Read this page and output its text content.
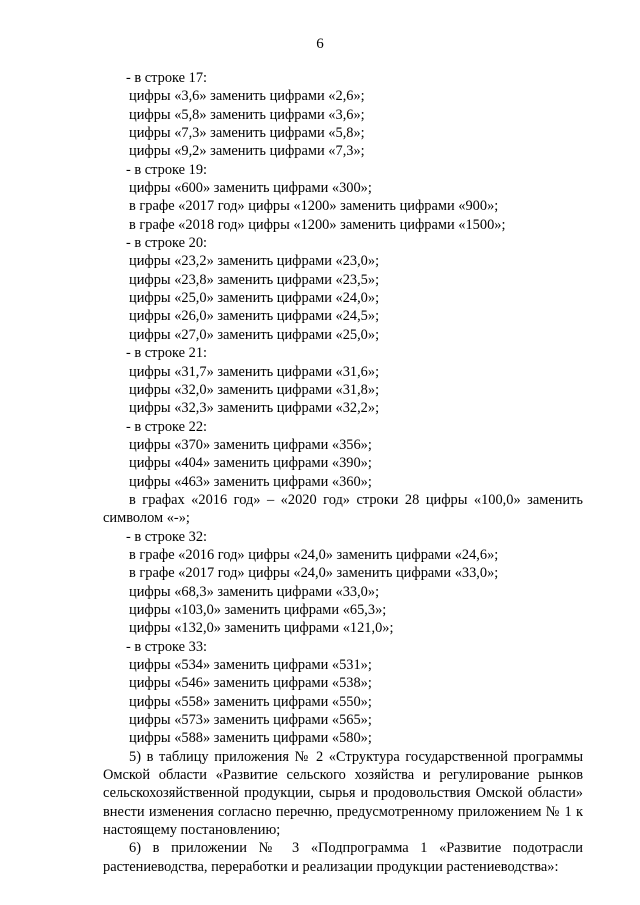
6
- в строке 17:
цифры «3,6» заменить цифрами «2,6»;
цифры «5,8» заменить цифрами «3,6»;
цифры «7,3» заменить цифрами «5,8»;
цифры «9,2» заменить цифрами «7,3»;
- в строке 19:
цифры «600» заменить цифрами «300»;
в графе «2017 год» цифры «1200» заменить цифрами «900»;
в графе «2018 год» цифры «1200» заменить цифрами «1500»;
- в строке 20:
цифры «23,2» заменить цифрами «23,0»;
цифры «23,8» заменить цифрами «23,5»;
цифры «25,0» заменить цифрами «24,0»;
цифры «26,0» заменить цифрами «24,5»;
цифры «27,0» заменить цифрами «25,0»;
- в строке 21:
цифры «31,7» заменить цифрами «31,6»;
цифры «32,0» заменить цифрами «31,8»;
цифры «32,3» заменить цифрами «32,2»;
- в строке 22:
цифры «370» заменить цифрами «356»;
цифры «404» заменить цифрами «390»;
цифры «463» заменить цифрами «360»;
в графах «2016 год» – «2020 год» строки 28 цифры «100,0» заменить символом «-»;
- в строке 32:
в графе «2016 год» цифры «24,0» заменить цифрами «24,6»;
в графе «2017 год» цифры «24,0» заменить цифрами «33,0»;
цифры «68,3» заменить цифрами «33,0»;
цифры «103,0» заменить цифрами «65,3»;
цифры «132,0» заменить цифрами «121,0»;
- в строке 33:
цифры «534» заменить цифрами «531»;
цифры «546» заменить цифрами «538»;
цифры «558» заменить цифрами «550»;
цифры «573» заменить цифрами «565»;
цифры «588» заменить цифрами «580»;
5) в таблицу приложения № 2 «Структура государственной программы Омской области «Развитие сельского хозяйства и регулирование рынков сельскохозяйственной продукции, сырья и продовольствия Омской области» внести изменения согласно перечню, предусмотренному приложением № 1 к настоящему постановлению;
6) в приложении № 3 «Подпрограмма 1 «Развитие подотрасли растениеводства, переработки и реализации продукции растениеводства»:
